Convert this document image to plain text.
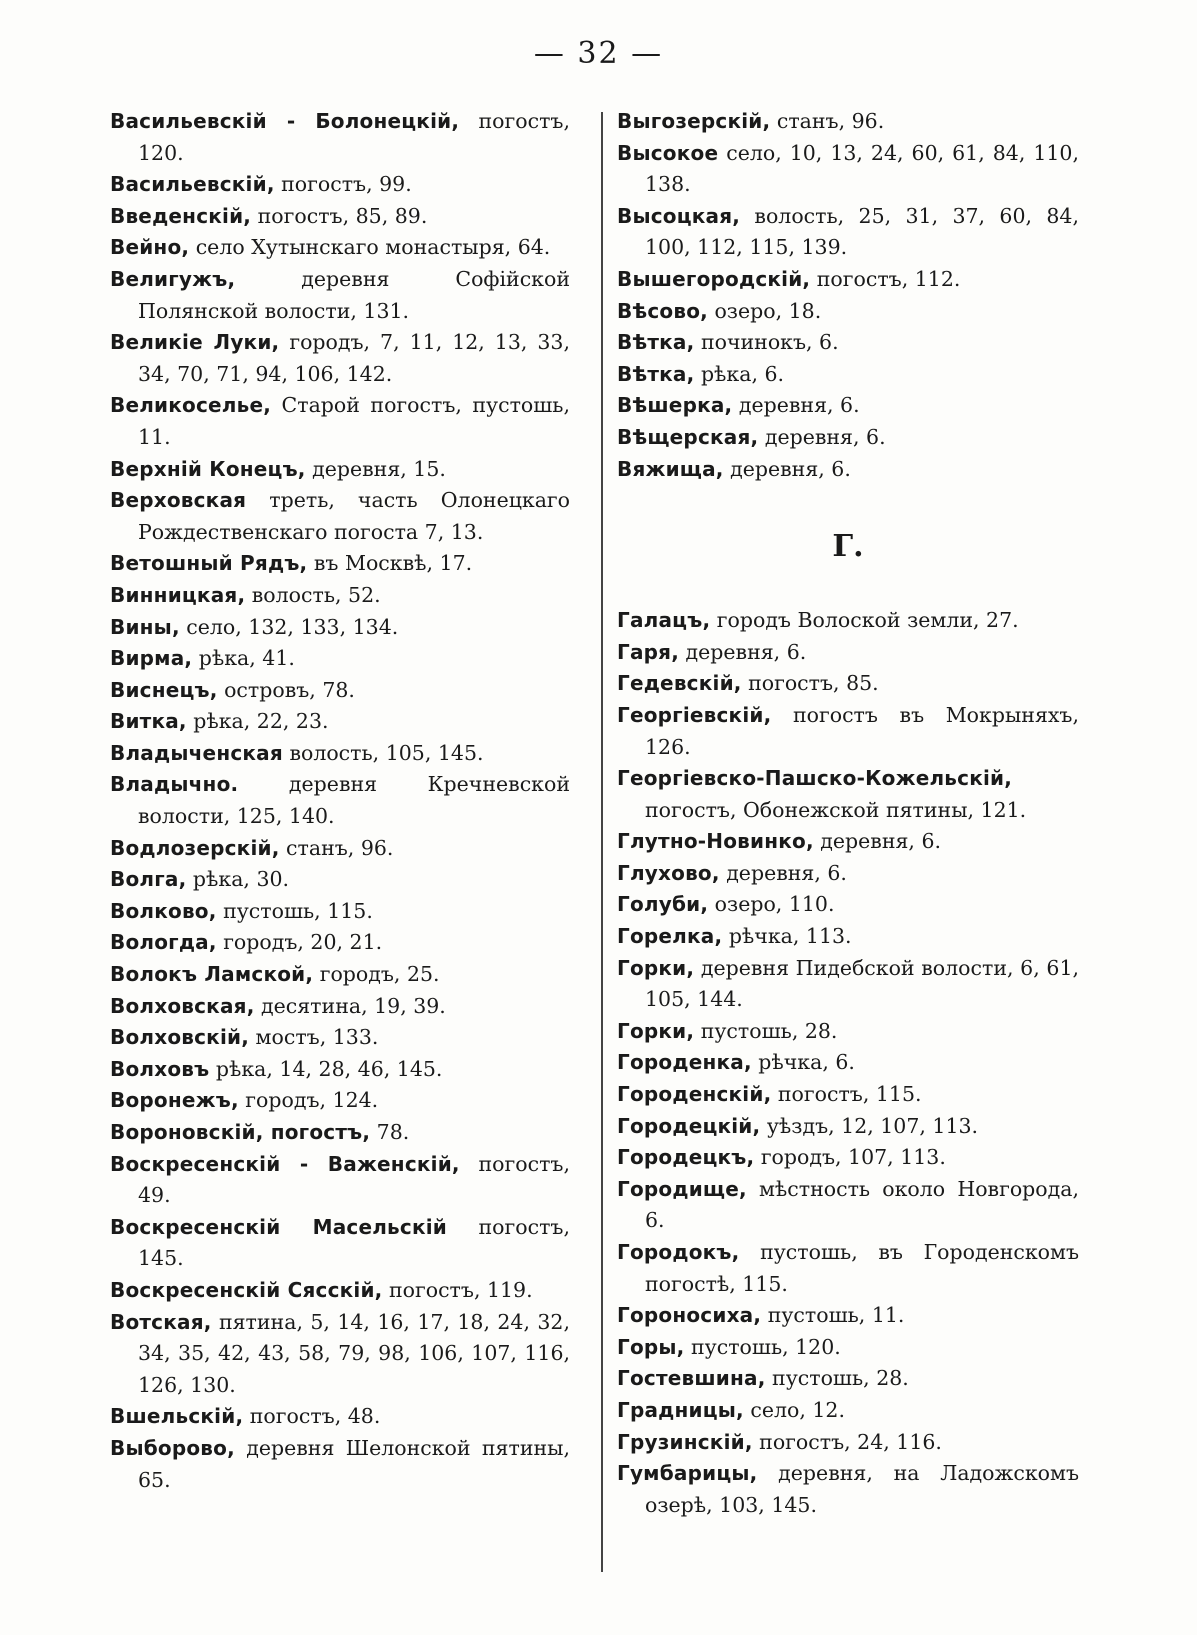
— 32 —

Васильевскій - Болонецкій, погостъ, 120.

Васильевскій, погостъ, 99.

Введенскій, погостъ, 85, 89.

Вейно, село Хутынскаго монастыря, 64.

Велигужъ, деревня Софійской Полянской волости, 131.

Великіе Луки, городъ, 7, 11, 12, 13, 33, 34, 70, 71, 94, 106, 142.

Великоселье, Старой погостъ, пустошь, 11.

Верхній Конецъ, деревня, 15.

Верховская треть, часть Олонецкаго Рождественскаго погоста 7, 13.

Ветошный Рядъ, въ Москвѣ, 17.

Винницкая, волость, 52.

Вины, село, 132, 133, 134.

Вирма, рѣка, 41.

Виснецъ, островъ, 78.

Витка, рѣка, 22, 23.

Владыченская волость, 105, 145.

Владычно. деревня Кречневской волости, 125, 140.

Водлозерскій, станъ, 96.

Волга, рѣка, 30.

Волково, пустошь, 115.

Вологда, городъ, 20, 21.

Волокъ Ламской, городъ, 25.

Волховская, десятина, 19, 39.

Волховскій, мостъ, 133.

Волховъ рѣка, 14, 28, 46, 145.

Воронежъ, городъ, 124.

Вороновскій, погостъ, 78.

Воскресенскій - Важенскій, погостъ, 49.

Воскресенскій Масельскій погостъ, 145.

Воскресенскій Сясскій, погостъ, 119.

Вотская, пятина, 5, 14, 16, 17, 18, 24, 32, 34, 35, 42, 43, 58, 79, 98, 106, 107, 116, 126, 130.

Вшельскій, погостъ, 48.

Выборово, деревня Шелонской пятины, 65.

Выгозерскій, станъ, 96.

Высокое село, 10, 13, 24, 60, 61, 84, 110, 138.

Высоцкая, волость, 25, 31, 37, 60, 84, 100, 112, 115, 139.

Вышегородскій, погостъ, 112.

Вѣсово, озеро, 18.

Вѣтка, починокъ, 6.

Вѣтка, рѣка, 6.

Вѣшерка, деревня, 6.

Вѣщерская, деревня, 6.

Вяжища, деревня, 6.

Г.

Галацъ, городъ Волоской земли, 27.

Гаря, деревня, 6.

Гедевскій, погостъ, 85.

Георгіевскій, погостъ въ Мокрыняхъ, 126.

Георгіевско-Пашско-Кожельскій, погостъ, Обонежской пятины, 121.

Глутно-Новинко, деревня, 6.

Глухово, деревня, 6.

Голуби, озеро, 110.

Горелка, рѣчка, 113.

Горки, деревня Пидебской волости, 6, 61, 105, 144.

Горки, пустошь, 28.

Городенка, рѣчка, 6.

Городенскій, погостъ, 115.

Городецкій, уѣздъ, 12, 107, 113.

Городецкъ, городъ, 107, 113.

Городище, мѣстность около Новгорода, 6.

Городокъ, пустошь, въ Городенскомъ погостѣ, 115.

Гороносиха, пустошь, 11.

Горы, пустошь, 120.

Гостевшина, пустошь, 28.

Градницы, село, 12.

Грузинскій, погостъ, 24, 116.

Гумбарицы, деревня, на Ладожскомъ озерѣ, 103, 145.
